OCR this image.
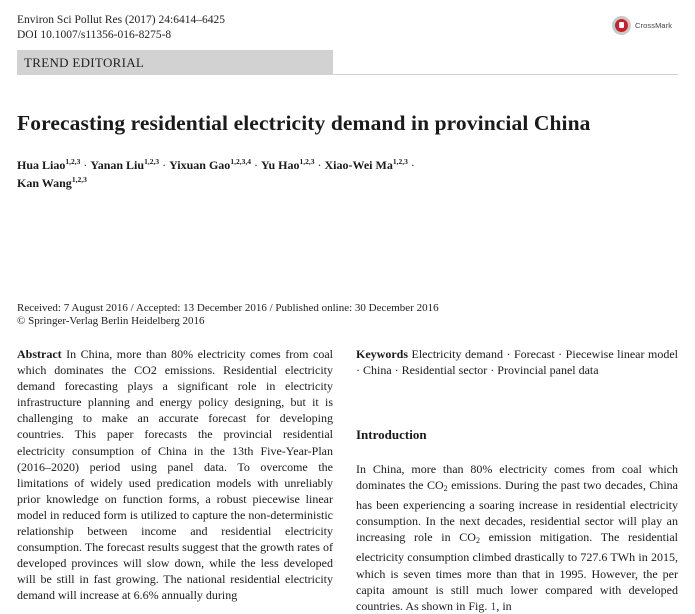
Environ Sci Pollut Res (2017) 24:6414–6425
DOI 10.1007/s11356-016-8275-8
CrossMark
TREND EDITORIAL
Forecasting residential electricity demand in provincial China
Hua Liao$^{1,2,3}$ · Yanan Liu$^{1,2,3}$ · Yixuan Gao$^{1,2,3,4}$ · Yu Hao$^{1,2,3}$ · Xiao-Wei Ma$^{1,2,3}$ ·
Kan Wang$^{1,2,3}$
Received: 7 August 2016 / Accepted: 13 December 2016 / Published online: 30 December 2016
© Springer-Verlag Berlin Heidelberg 2016

Abstract In China, more than 80% electricity comes from coal which dominates the CO2 emissions. Residential electricity demand forecasting plays a significant role in electricity infrastructure planning and energy policy designing, but it is challenging to make an accurate forecast for developing countries. This paper forecasts the provincial residential electricity consumption of China in the 13th Five-Year-Plan (2016–2020) period using panel data. To overcome the limitations of widely used predication models with unreliably prior knowledge on function forms, a robust piecewise linear model in reduced form is utilized to capture the non-deterministic relationship between income and residential electricity consumption. The forecast results suggest that the growth rates of developed provinces will slow down, while the less developed will be still in fast growing. The national residential electricity demand will increase at 6.6% annually during

Keywords Electricity demand · Forecast · Piecewise linear model · China · Residential sector · Provincial panel data

Introduction

In China, more than 80% electricity comes from coal which dominates the $CO_2$ emissions. During the past two decades, China has been experiencing a soaring increase in residential electricity consumption. In the next decades, residential sector will play an increasing role in $CO_2$ emission mitigation. The residential electricity consumption climbed drastically to 727.6 TWh in 2015, which is seven times more than that in 1995. However, the per capita amount is still much lower compared with developed countries. As shown in Fig. 1, in
